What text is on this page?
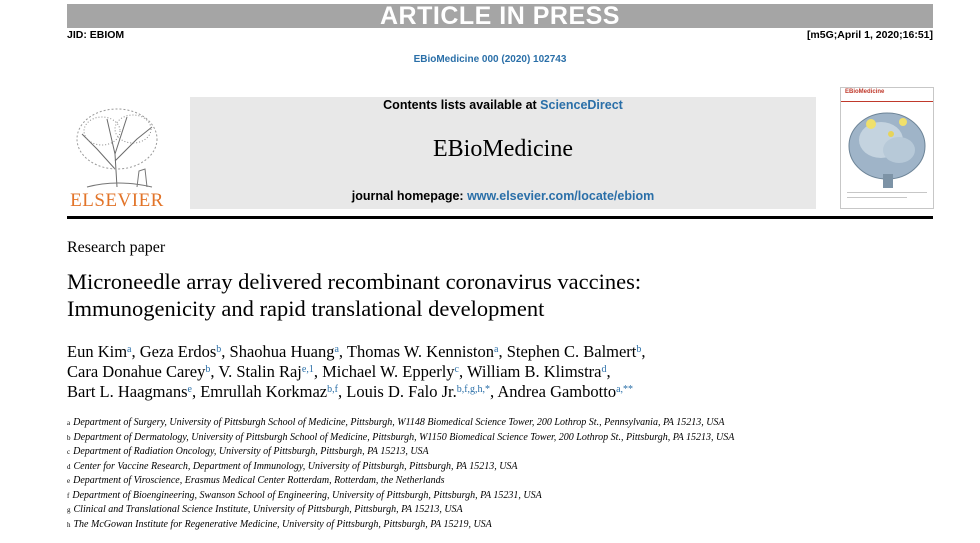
ARTICLE IN PRESS
JID: EBIOM	[m5G;April 1, 2020;16:51]
EBioMedicine 000 (2020) 102743
ELSEVIER
Contents lists available at ScienceDirect
EBioMedicine
journal homepage: www.elsevier.com/locate/ebiom
EBioMedicine
Research paper
Microneedle array delivered recombinant coronavirus vaccines:
Immunogenicity and rapid translational development
Eun Kim$^a$, Geza Erdos$^b$, Shaohua Huang$^a$, Thomas W. Kenniston$^a$, Stephen C. Balmert$^b$,
Cara Donahue Carey$^b$, V. Stalin Raj$^{e,1}$, Michael W. Epperly$^c$, William B. Klimstra$^d$,
Bart L. Haagmans$^e$, Emrullah Korkmaz$^{b,f}$, Louis D. Falo Jr.$^{b,f,g,h,*}$, Andrea Gambotto$^{a,**}$
$^a$ Department of Surgery, University of Pittsburgh School of Medicine, Pittsburgh, W1148 Biomedical Science Tower, 200 Lothrop St., Pennsylvania, PA 15213, USA
$^b$ Department of Dermatology, University of Pittsburgh School of Medicine, Pittsburgh, W1150 Biomedical Science Tower, 200 Lothrop St., Pittsburgh, PA 15213, USA
$^c$ Department of Radiation Oncology, University of Pittsburgh, Pittsburgh, PA 15213, USA
$^d$ Center for Vaccine Research, Department of Immunology, University of Pittsburgh, Pittsburgh, PA 15213, USA
$^e$ Department of Viroscience, Erasmus Medical Center Rotterdam, Rotterdam, the Netherlands
$^f$ Department of Bioengineering, Swanson School of Engineering, University of Pittsburgh, Pittsburgh, PA 15231, USA
$^g$ Clinical and Translational Science Institute, University of Pittsburgh, Pittsburgh, PA 15213, USA
$^h$ The McGowan Institute for Regenerative Medicine, University of Pittsburgh, Pittsburgh, PA 15219, USA
